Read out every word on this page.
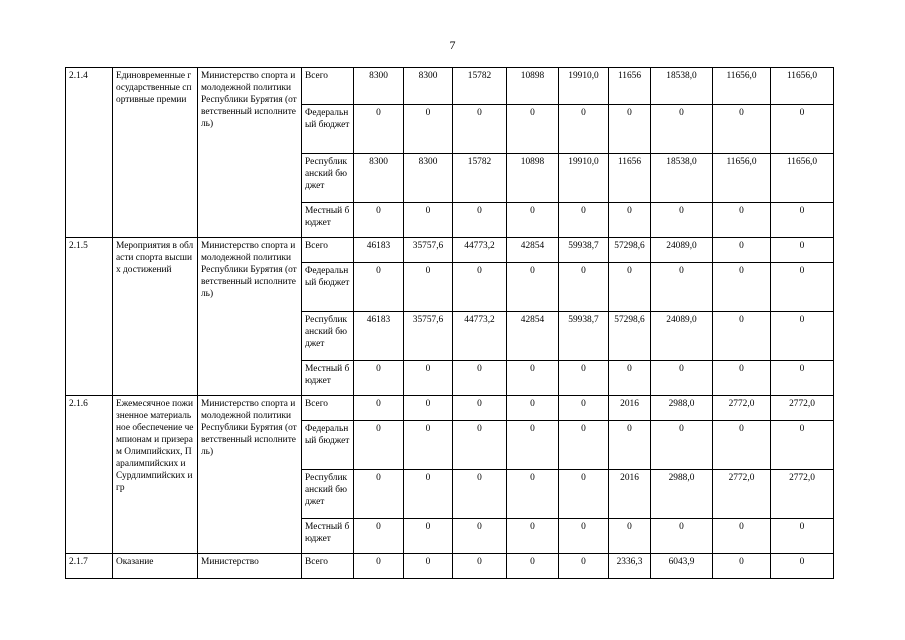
7
2.1.4	Единовременные государственные спортивные премии	Министерство спорта и молодежной политики Республики Бурятия (ответственный исполнитель)	Всего	8300	8300	15782	10898	19910,0	11656	18538,0	11656,0	11656,0
			Федеральный бюджет	0	0	0	0	0	0	0	0	0
			Республиканский бюджет	8300	8300	15782	10898	19910,0	11656	18538,0	11656,0	11656,0
			Местный бюджет	0	0	0	0	0	0	0	0	0
2.1.5	Мероприятия в области спорта высших достижений	Министерство спорта и молодежной политики Республики Бурятия (ответственный исполнитель)	Всего	46183	35757,6	44773,2	42854	59938,7	57298,6	24089,0	0	0
			Федеральный бюджет	0	0	0	0	0	0	0	0	0
			Республиканский бюджет	46183	35757,6	44773,2	42854	59938,7	57298,6	24089,0	0	0
			Местный бюджет	0	0	0	0	0	0	0	0	0
2.1.6	Ежемесячное пожизненное материальное обеспечение чемпионам и призерам Олимпийских, Паралимпийских и Сурдлимпийских игр	Министерство спорта и молодежной политики Республики Бурятия (ответственный исполнитель)	Всего	0	0	0	0	0	2016	2988,0	2772,0	2772,0
			Федеральный бюджет	0	0	0	0	0	0	0	0	0
			Республиканский бюджет	0	0	0	0	0	2016	2988,0	2772,0	2772,0
			Местный бюджет	0	0	0	0	0	0	0	0	0
2.1.7	Оказание	Министерство	Всего	0	0	0	0	0	2336,3	6043,9	0	0
